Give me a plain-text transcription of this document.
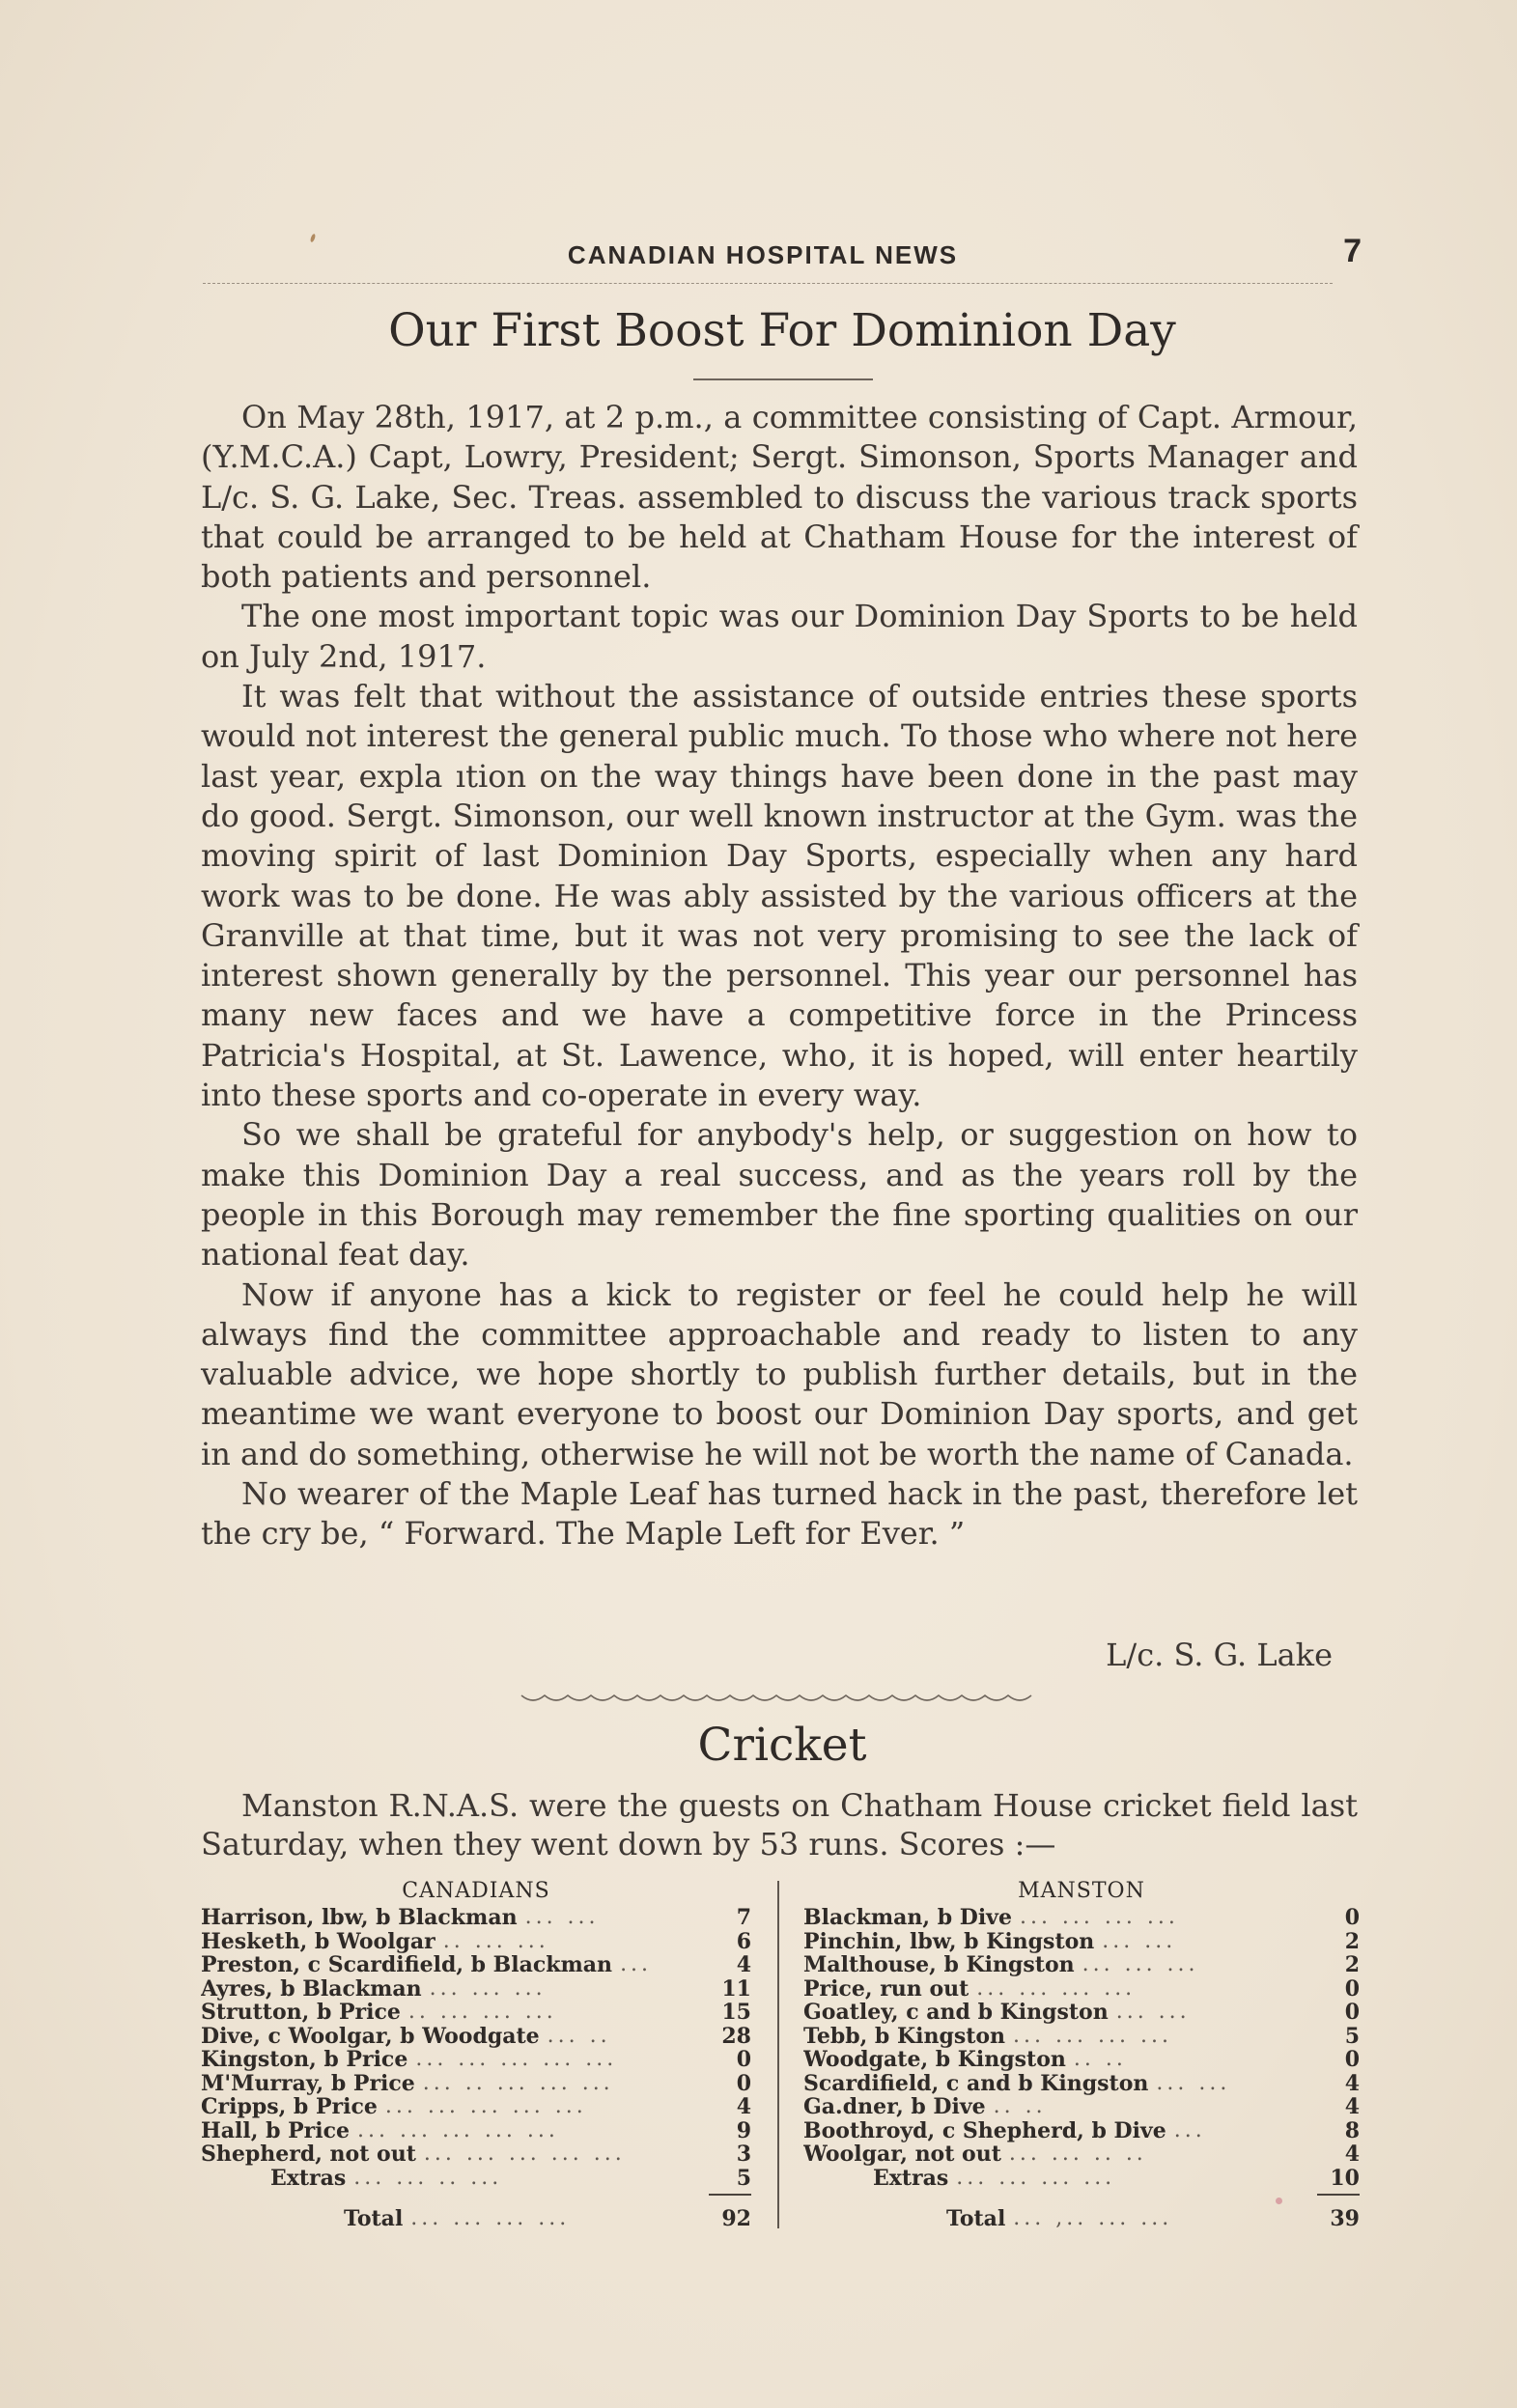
CANADIAN HOSPITAL NEWS	7
Our First Boost For Dominion Day

On May 28th, 1917, at 2 p.m., a committee consisting of Capt. Armour, (Y.M.C.A.) Capt, Lowry, President; Sergt. Simonson, Sports Manager and L/c. S. G. Lake, Sec. Treas. assembled to discuss the various track sports that could be arranged to be held at Chatham House for the interest of both patients and personnel.

The one most important topic was our Dominion Day Sports to be held on July 2nd, 1917.

It was felt that without the assistance of outside entries these sports would not interest the general public much. To those who where not here last year, expla ıtion on the way things have been done in the past may do good. Sergt. Simonson, our well known instructor at the Gym. was the moving spirit of last Dominion Day Sports, especially when any hard work was to be done. He was ably assisted by the various officers at the Granville at that time, but it was not very promising to see the lack of interest shown generally by the personnel. This year our personnel has many new faces and we have a competitive force in the Princess Patricia's Hospital, at St. Lawence, who, it is hoped, will enter heartily into these sports and co-operate in every way.

So we shall be grateful for anybody's help, or suggestion on how to make this Dominion Day a real success, and as the years roll by the people in this Borough may remember the fine sporting qualities on our national feat day.

Now if anyone has a kick to register or feel he could help he will always find the committee approachable and ready to listen to any valuable advice, we hope shortly to publish further details, but in the meantime we want everyone to boost our Dominion Day sports, and get in and do something, otherwise he will not be worth the name of Canada.

No wearer of the Maple Leaf has turned hack in the past, therefore let the cry be, “ Forward. The Maple Left for Ever. ”

L/c. S. G. Lake
Cricket

Manston R.N.A.S. were the guests on Chatham House cricket field last Saturday, when they went down by 53 runs. Scores :—

CANADIANS
Harrison, lbw, b Blackman ... ...	7
Hesketh, b Woolgar .. ... ...	6
Preston, c Scardifield, b Blackman ...	4
Ayres, b Blackman ... ... ...	11
Strutton, b Price .. ... ... ...	15
Dive, c Woolgar, b Woodgate ... ..	28
Kingston, b Price ... ... ... ... ...	0
M'Murray, b Price ... .. ... ... ...	0
Cripps, b Price ... ... ... ... ...	4
Hall, b Price ... ... ... ... ...	9
Shepherd, not out ... ... ... ... ...	3
Extras ... ... .. ...	5
Total ... ... ... ...	92
MANSTON
Blackman, b Dive ... ... ... ...	0
Pinchin, lbw, b Kingston ... ...	2
Malthouse, b Kingston ... ... ...	2
Price, run out ... ... ... ...	0
Goatley, c and b Kingston ... ...	0
Tebb, b Kingston ... ... ... ...	5
Woodgate, b Kingston .. ..	0
Scardifield, c and b Kingston ... ...	4
Ga.dner, b Dive .. ..	4
Boothroyd, c Shepherd, b Dive ...	8
Woolgar, not out ... ... .. ..	4
Extras ... ... ... ...	10
Total ... ,.. ... ...	39
